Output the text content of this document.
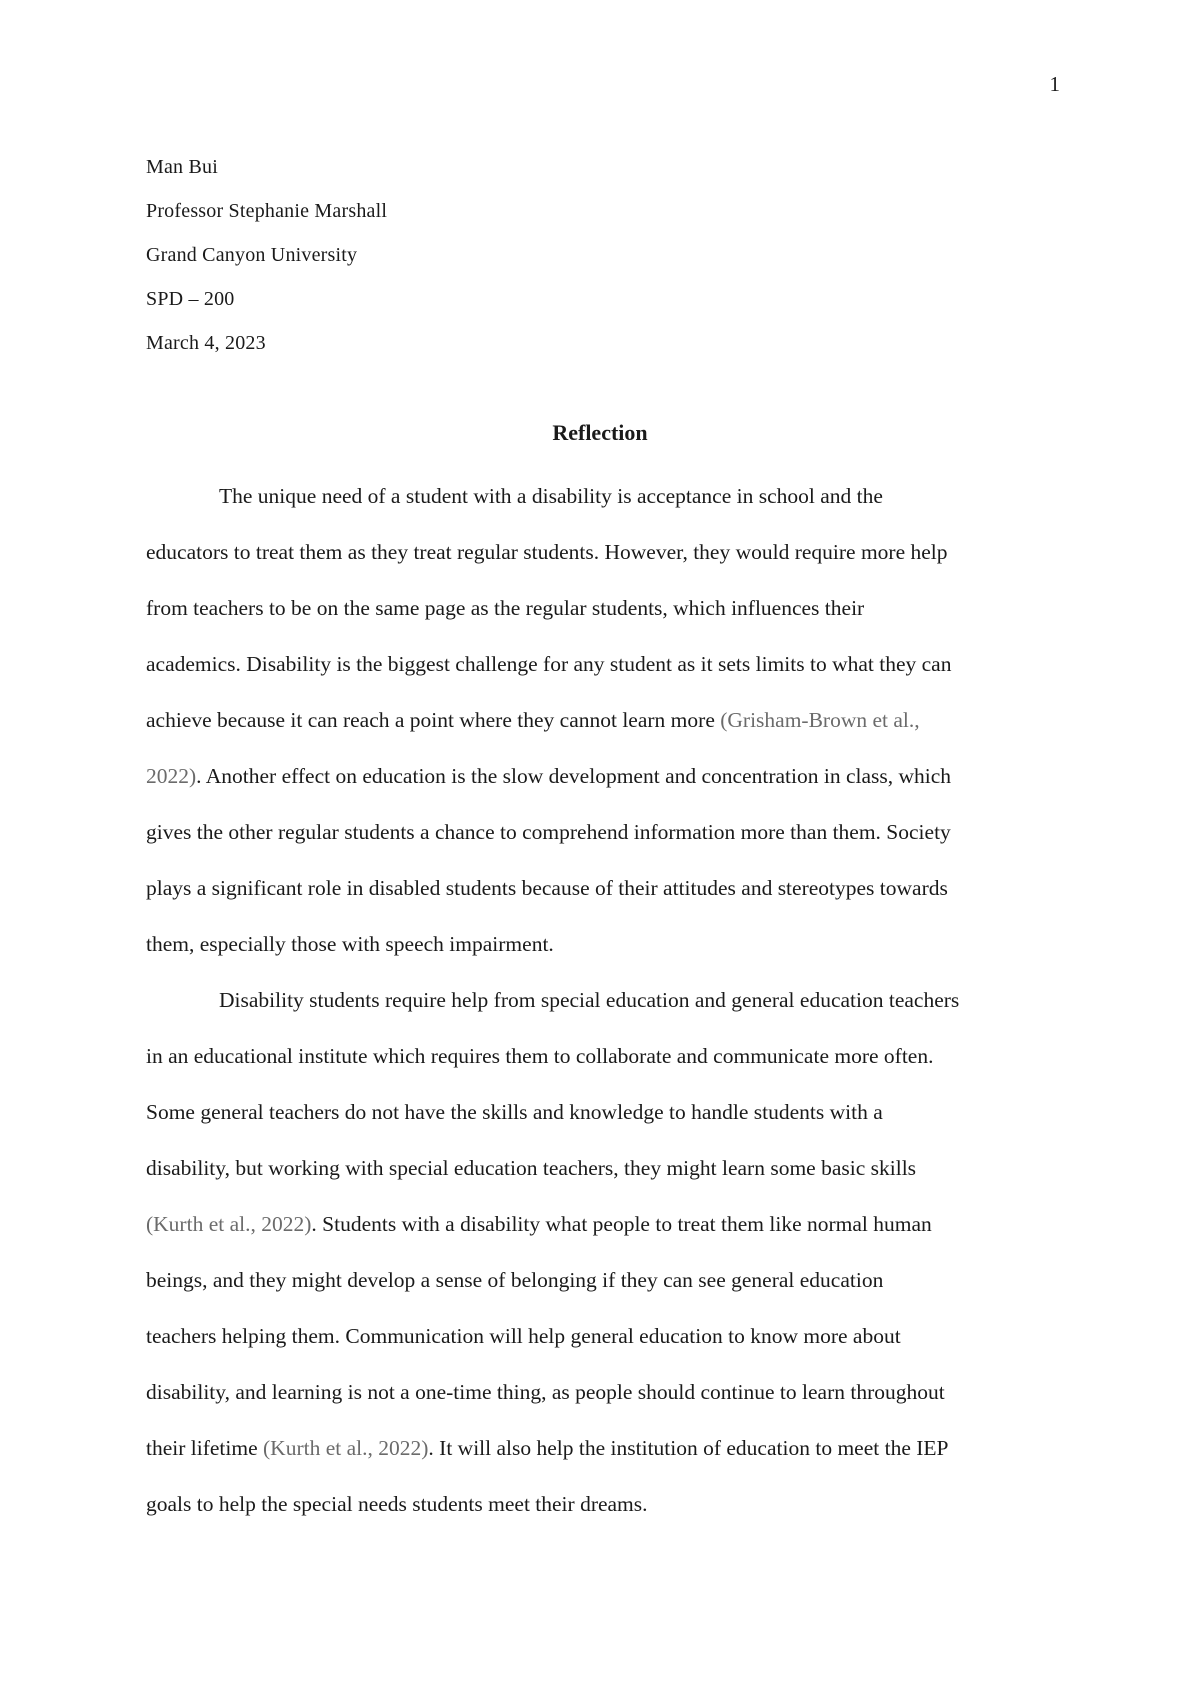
1
Man Bui
Professor Stephanie Marshall
Grand Canyon University
SPD – 200
March 4, 2023
Reflection
The unique need of a student with a disability is acceptance in school and the
educators to treat them as they treat regular students. However, they would require more help
from teachers to be on the same page as the regular students, which influences their
academics. Disability is the biggest challenge for any student as it sets limits to what they can
achieve because it can reach a point where they cannot learn more (Grisham-Brown et al.,
2022). Another effect on education is the slow development and concentration in class, which
gives the other regular students a chance to comprehend information more than them. Society
plays a significant role in disabled students because of their attitudes and stereotypes towards
them, especially those with speech impairment.
Disability students require help from special education and general education teachers
in an educational institute which requires them to collaborate and communicate more often.
Some general teachers do not have the skills and knowledge to handle students with a
disability, but working with special education teachers, they might learn some basic skills
(Kurth et al., 2022). Students with a disability what people to treat them like normal human
beings, and they might develop a sense of belonging if they can see general education
teachers helping them. Communication will help general education to know more about
disability, and learning is not a one-time thing, as people should continue to learn throughout
their lifetime (Kurth et al., 2022). It will also help the institution of education to meet the IEP
goals to help the special needs students meet their dreams.
